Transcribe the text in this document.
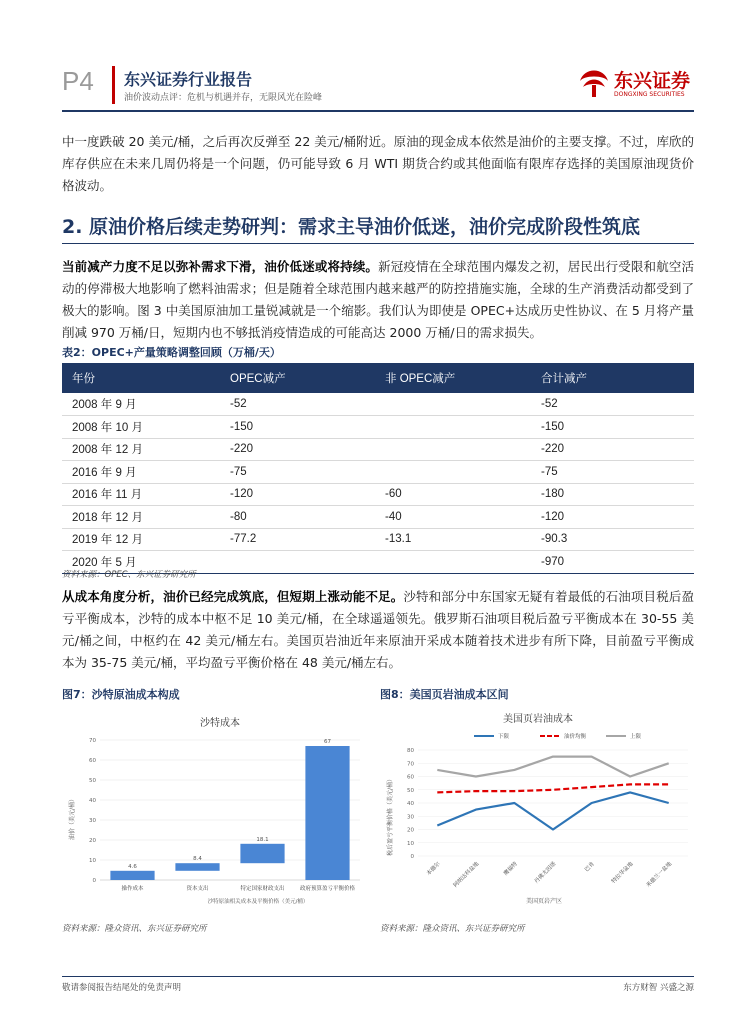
P4 东兴证券行业报告
油价波动点评：危机与机遇并存，无限风光在险峰
东兴证券
DONGXING SECURITIES

中一度跌破 20 美元/桶，之后再次反弹至 22 美元/桶附近。原油的现金成本依然是油价的主要支撑。不过，库欣的库存供应在未来几周仍将是一个问题，仍可能导致 6 月 WTI 期货合约或其他面临有限库存选择的美国原油现货价格波动。

2. 原油价格后续走势研判：需求主导油价低迷，油价完成阶段性筑底

当前减产力度不足以弥补需求下滑，油价低迷或将持续。新冠疫情在全球范围内爆发之初，居民出行受限和航空活动的停滞极大地影响了燃料油需求；但是随着全球范围内越来越严的防控措施实施，全球的生产消费活动都受到了极大的影响。图 3 中美国原油加工量锐减就是一个缩影。我们认为即使是 OPEC+达成历史性协议、在 5 月将产量削减 970 万桶/日，短期内也不够抵消疫情造成的可能高达 2000 万桶/日的需求损失。

表2：OPEC+产量策略调整回顾（万桶/天）
年份	OPEC减产	非 OPEC减产	合计减产
2008 年 9 月	-52		-52
2008 年 10 月	-150		-150
2008 年 12 月	-220		-220
2016 年 9 月	-75		-75
2016 年 11 月	-120	-60	-180
2018 年 12 月	-80	-40	-120
2019 年 12 月	-77.2	-13.1	-90.3
2020 年 5 月			-970
资料来源：OPEC、东兴证券研究所

从成本角度分析，油价已经完成筑底，但短期上涨动能不足。沙特和部分中东国家无疑有着最低的石油项目税后盈亏平衡成本，沙特的成本中枢不足 10 美元/桶，在全球遥遥领先。俄罗斯石油项目税后盈亏平衡成本在 30-55 美元/桶之间，中枢约在 42 美元/桶左右。美国页岩油近年来原油开采成本随着技术进步有所下降，目前盈亏平衡成本为 35-75 美元/桶，平均盈亏平衡价格在 48 美元/桶左右。

图7：沙特原油成本构成	图8：美国页岩油成本区间
沙特成本
油价（美元/桶）
沙特原油相关成本及平衡价格（美元/桶）
0
10
20
30
40
50
60
70
4.6
操作成本
8.4
资本支出
18.1
特定国家财政支出
67
政府预算盈亏平衡价格
美国页岩油成本
税后盈亏平衡价格（美元/桶）
美国页岩产区
下限	油价均衡	上限
0
10
20
30
40
50
60
70
80
本德尔 阿纳达科盆地	鹰福特	丹佛尤因塔	巴肯	特拉华盆地 米德兰一盆地
资料来源：隆众资讯、东兴证券研究所	资料来源：隆众资讯、东兴证券研究所
敬请参阅报告结尾处的免责声明	东方财智 兴盛之源
